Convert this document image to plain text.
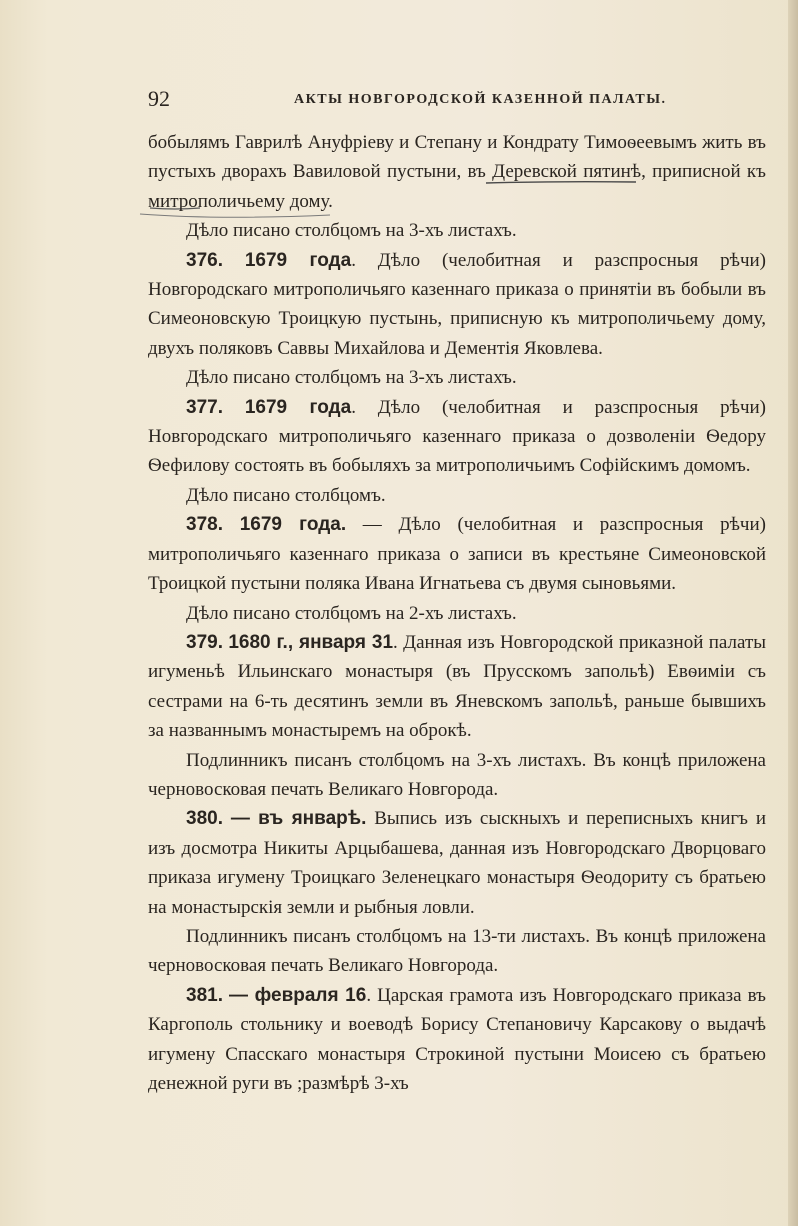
92	АКТЫ НОВГОРОДСКОЙ КАЗЕННОЙ ПАЛАТЫ.

бобылямъ Гаврилѣ Ануфріеву и Степану и Кондрату Тимоѳеевымъ жить въ пустыхъ дворахъ Вавиловой пустыни, въ Деревской пятинѣ, приписной къ митрополичьему дому.

Дѣло писано столбцомъ на 3-хъ листахъ.

376. 1679 года. Дѣло (челобитная и разспросныя рѣчи) Новгородскаго митрополичьяго казеннаго приказа о принятіи въ бобыли въ Симеоновскую Троицкую пустынь, приписную къ митрополичьему дому, двухъ поляковъ Саввы Михайлова и Дементія Яковлева.

Дѣло писано столбцомъ на 3-хъ листахъ.

377. 1679 года. Дѣло (челобитная и разспросныя рѣчи) Новгородскаго митрополичьяго казеннаго приказа о дозволеніи Ѳедору Ѳефилову состоять въ бобыляхъ за митрополичьимъ Софійскимъ домомъ.

Дѣло писано столбцомъ.

378. 1679 года. — Дѣло (челобитная и разспросныя рѣчи) митрополичьяго казеннаго приказа о записи въ крестьяне Симеоновской Троицкой пустыни поляка Ивана Игнатьева съ двумя сыновьями.

Дѣло писано столбцомъ на 2-хъ листахъ.

379. 1680 г., января 31. Данная изъ Новгородской приказной палаты игуменьѣ Ильинскаго монастыря (въ Прусскомъ запольѣ) Евѳиміи съ сестрами на 6-ть десятинъ земли въ Яневскомъ запольѣ, раньше бывшихъ за названнымъ монастыремъ на оброкѣ.

Подлинникъ писанъ столбцомъ на 3-хъ листахъ. Въ концѣ приложена черновосковая печать Великаго Новгорода.

380. — въ январѣ. Выпись изъ сыскныхъ и переписныхъ книгъ и изъ досмотра Никиты Арцыбашева, данная изъ Новгородскаго Дворцоваго приказа игумену Троицкаго Зеленецкаго монастыря Ѳеодориту съ братьею на монастырскія земли и рыбныя ловли.

Подлинникъ писанъ столбцомъ на 13-ти листахъ. Въ концѣ приложена черновосковая печать Великаго Новгорода.

381. — февраля 16. Царская грамота изъ Новгородскаго приказа въ Каргополь стольнику и воеводѣ Борису Степановичу Карсакову о выдачѣ игумену Спасскаго монастыря Строкиной пустыни Моисею съ братьею денежной руги въ ;размѣрѣ 3-хъ
